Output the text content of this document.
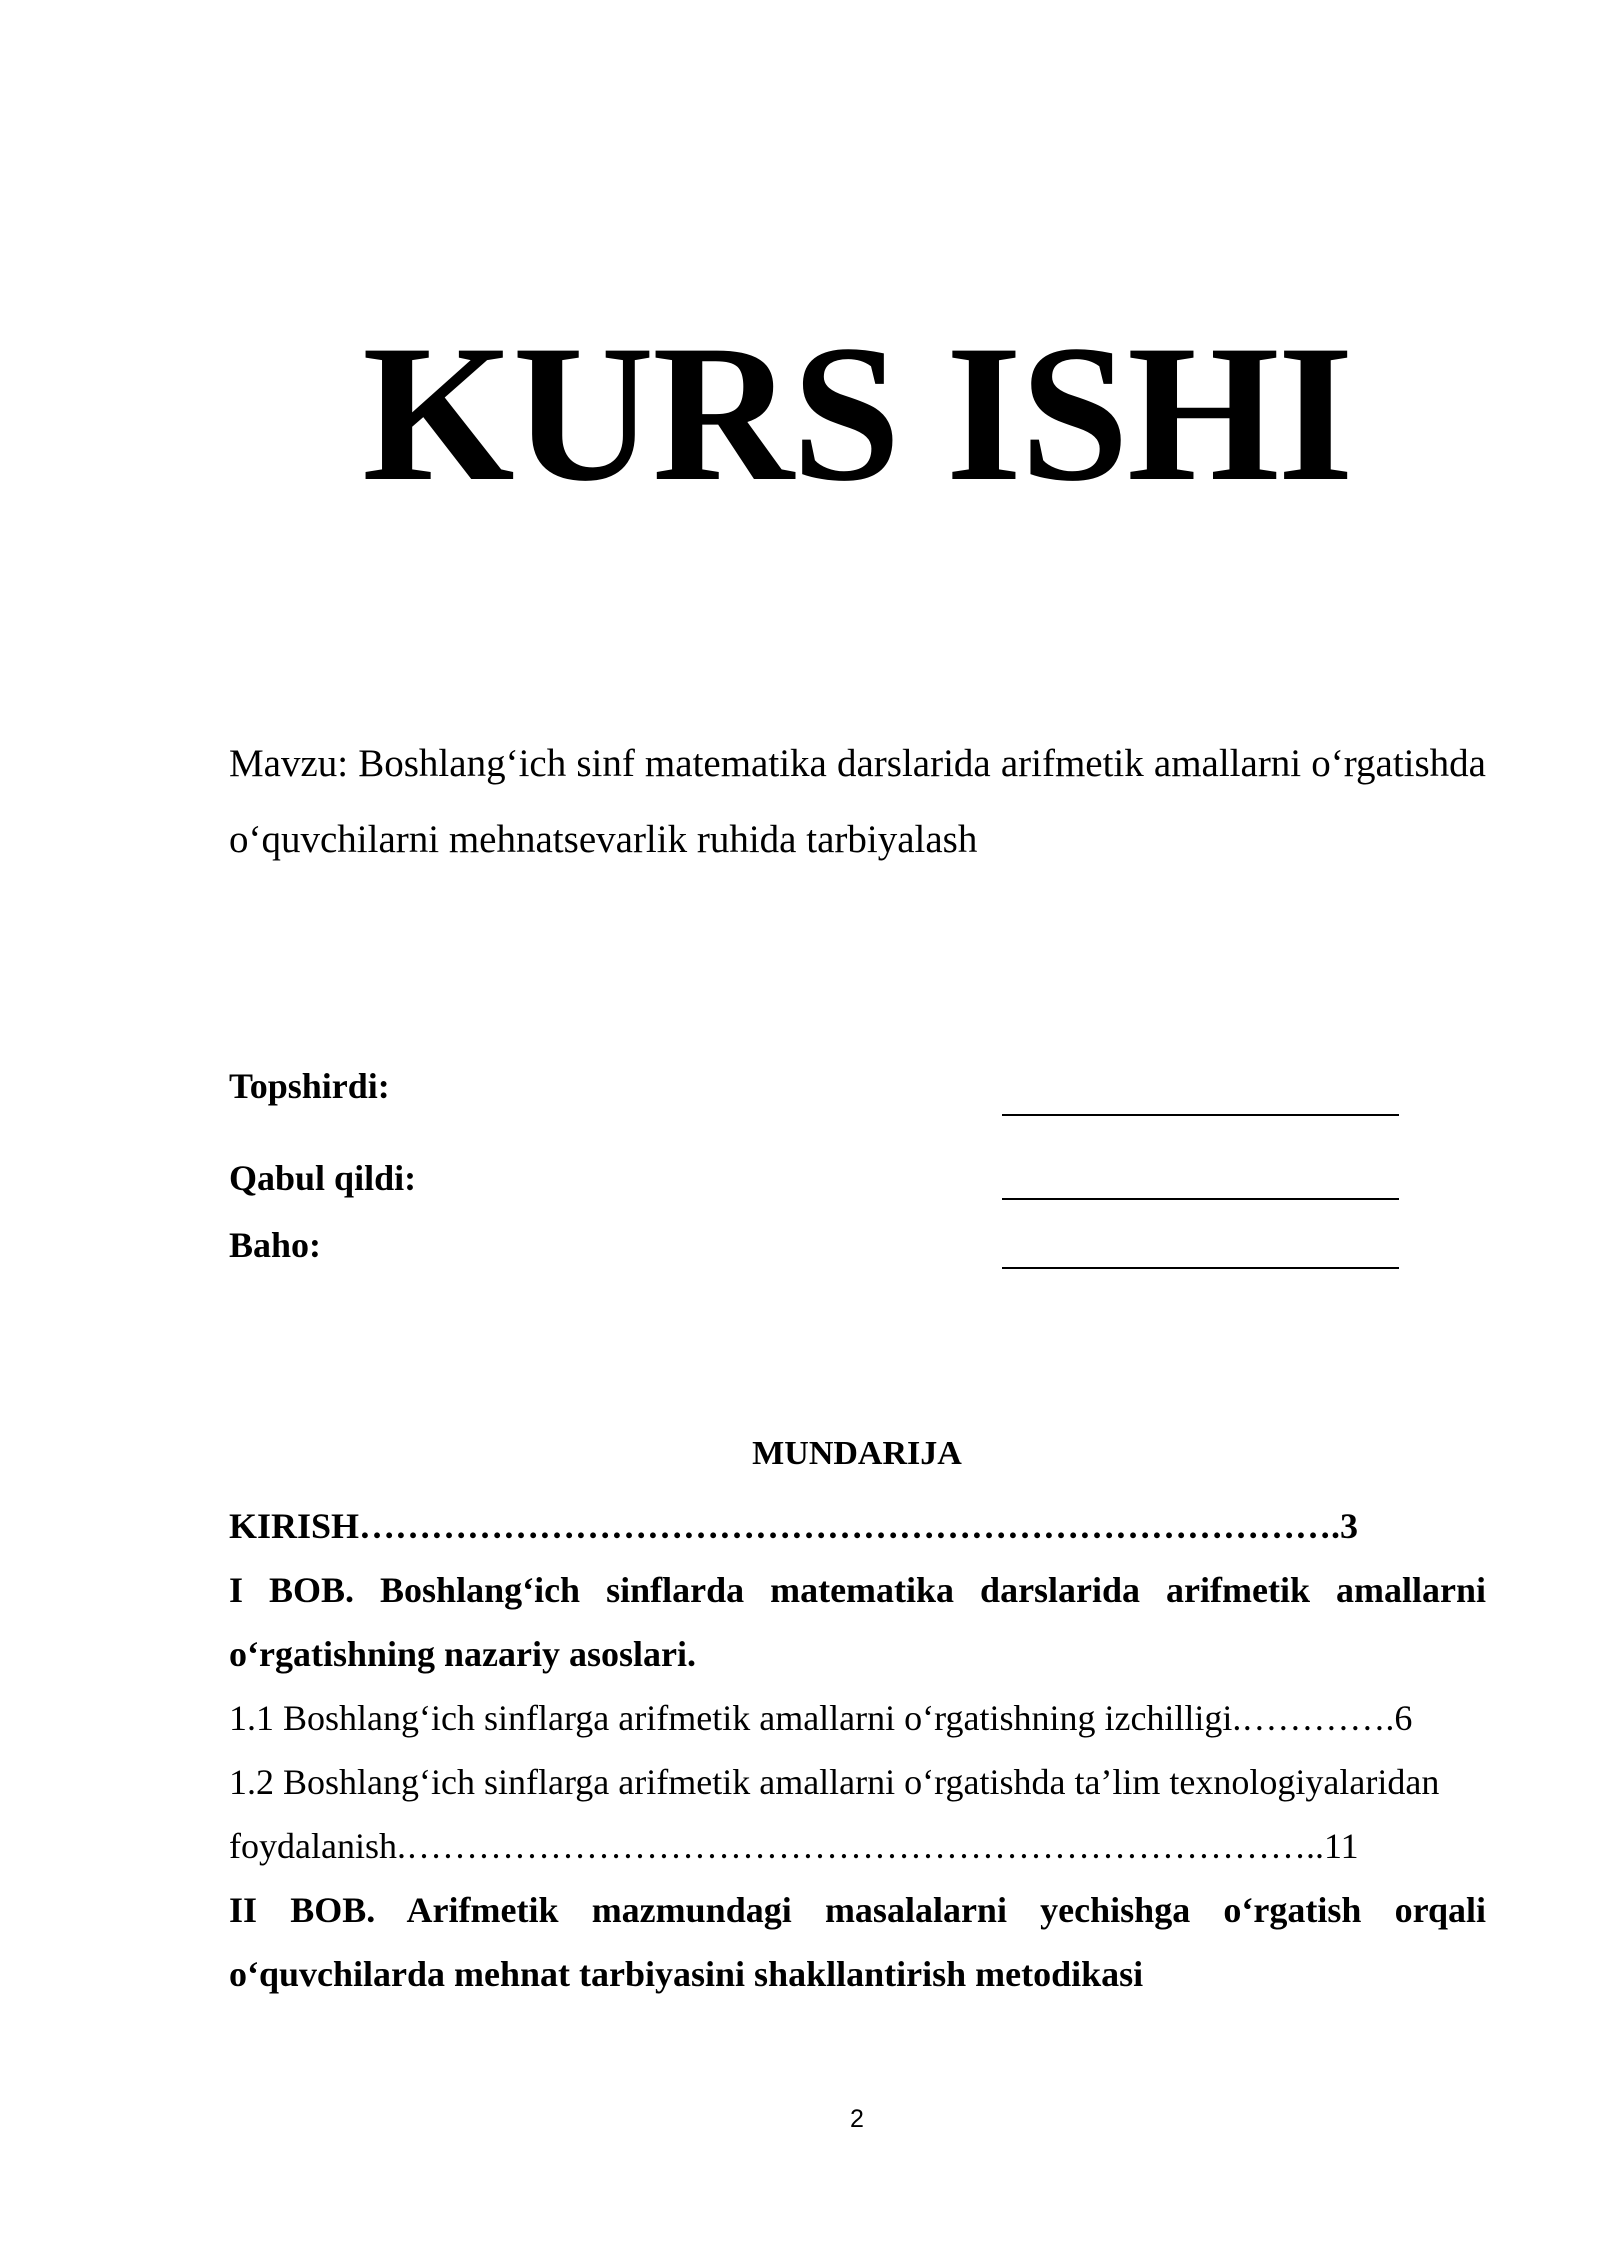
KURS ISHI
Mavzu: Boshlang‘ich sinf matematika darslarida arifmetik amallarni o‘rgatishda o‘quvchilarni mehnatsevarlik ruhida tarbiyalash
Topshirdi:
Qabul qildi:
Baho:
MUNDARIJA
KIRISH……………………………………………………………………….3
I BOB. Boshlang‘ich sinflarda matematika darslarida arifmetik amallarni o‘rgatishning nazariy asoslari.
1.1 Boshlang‘ich sinflarga arifmetik amallarni o‘rgatishning izchilligi.………….6
1.2 Boshlang‘ich sinflarga arifmetik amallarni o‘rgatishda ta’lim texnologiyalaridan
foydalanish.…………………………………………………………………..11
II BOB. Arifmetik mazmundagi masalalarni yechishga o‘rgatish orqali o‘quvchilarda mehnat tarbiyasini shakllantirish metodikasi
2
